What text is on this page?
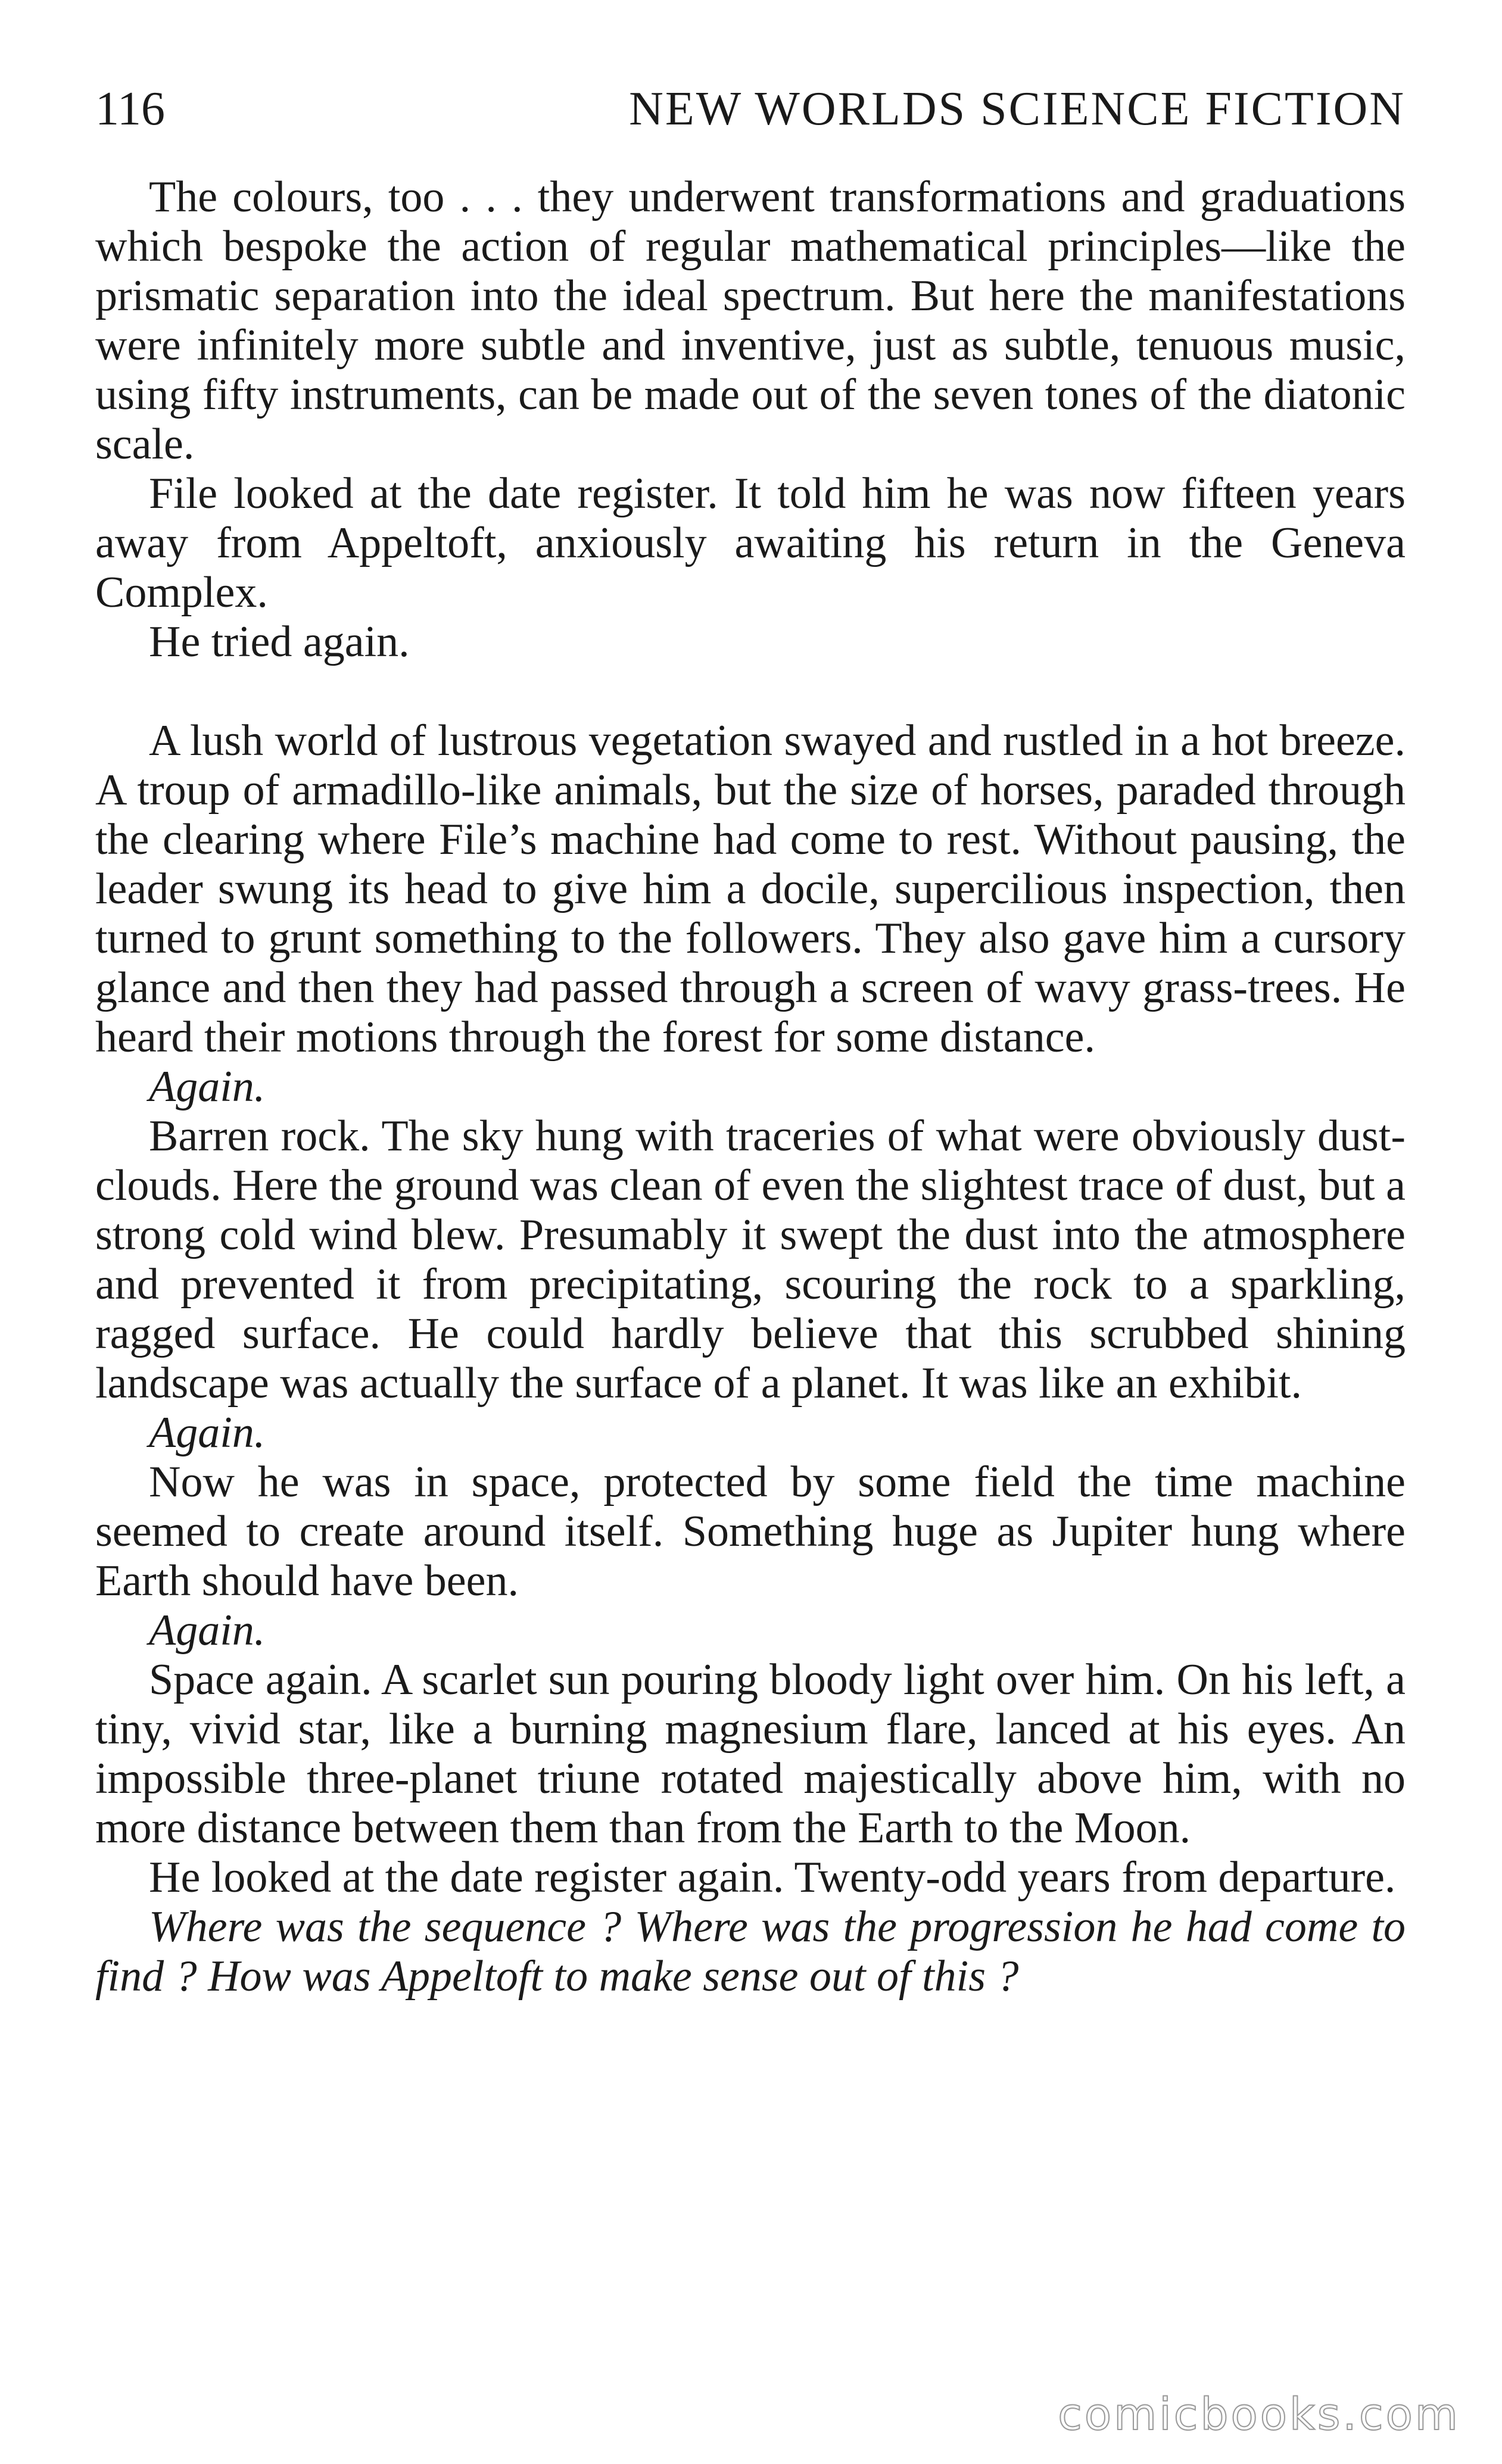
116	NEW WORLDS SCIENCE FICTION

The colours, too . . . they underwent transformations and graduations which bespoke the action of regular mathematical principles—like the prismatic separation into the ideal spectrum. But here the manifestations were infinitely more subtle and inventive, just as subtle, tenuous music, using fifty instruments, can be made out of the seven tones of the diatonic scale.

File looked at the date register. It told him he was now fifteen years away from Appeltoft, anxiously awaiting his return in the Geneva Complex.

He tried again.

A lush world of lustrous vegetation swayed and rustled in a hot breeze. A troup of armadillo-like animals, but the size of horses, paraded through the clearing where File’s machine had come to rest. Without pausing, the leader swung its head to give him a docile, supercilious inspection, then turned to grunt something to the followers. They also gave him a cursory glance and then they had passed through a screen of wavy grass-trees. He heard their motions through the forest for some distance.

Again.

Barren rock. The sky hung with traceries of what were obviously dust-clouds. Here the ground was clean of even the slightest trace of dust, but a strong cold wind blew. Presumably it swept the dust into the atmosphere and prevented it from precipitating, scouring the rock to a sparkling, ragged surface. He could hardly believe that this scrubbed shining landscape was actually the surface of a planet. It was like an exhibit.

Again.

Now he was in space, protected by some field the time machine seemed to create around itself. Something huge as Jupiter hung where Earth should have been.

Again.

Space again. A scarlet sun pouring bloody light over him. On his left, a tiny, vivid star, like a burning magnesium flare, lanced at his eyes. An impossible three-planet triune rotated majestically above him, with no more distance between them than from the Earth to the Moon.

He looked at the date register again. Twenty-odd years from departure.

Where was the sequence ? Where was the progression he had come to find ? How was Appeltoft to make sense out of this ?

comicbooks.com
